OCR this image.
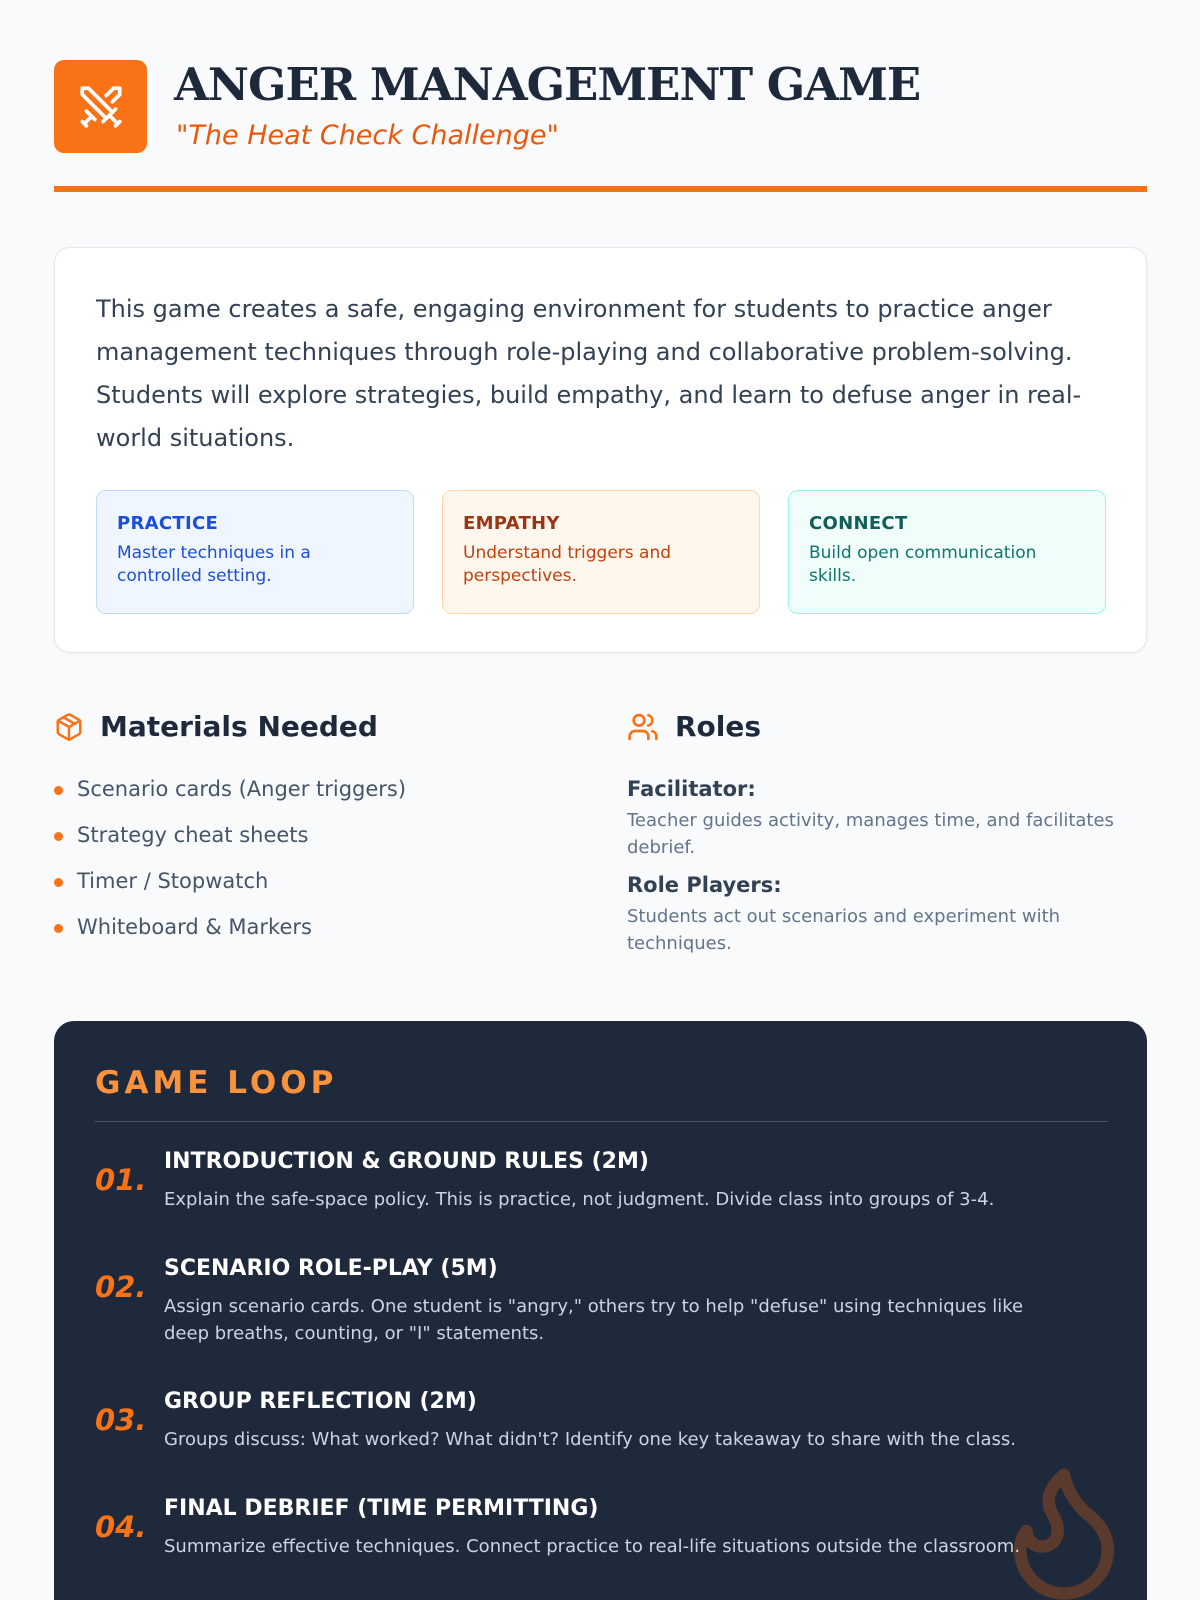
ANGER MANAGEMENT GAME
"The Heat Check Challenge"

This game creates a safe, engaging environment for students to practice anger management techniques through role-playing and collaborative problem-solving. Students will explore strategies, build empathy, and learn to defuse anger in real-world situations.

PRACTICE
Master techniques in a controlled setting.
EMPATHY
Understand triggers and perspectives.
CONNECT
Build open communication skills.
Materials Needed
Scenario cards (Anger triggers)
Strategy cheat sheets
Timer / Stopwatch
Whiteboard & Markers
Roles
Facilitator:
Teacher guides activity, manages time, and facilitates debrief.
Role Players:
Students act out scenarios and experiment with techniques.
GAME LOOP
01.
INTRODUCTION & GROUND RULES (2M)
Explain the safe-space policy. This is practice, not judgment. Divide class into groups of 3-4.
02.
SCENARIO ROLE-PLAY (5M)
Assign scenario cards. One student is "angry," others try to help "defuse" using techniques like deep breaths, counting, or "I" statements.
03.
GROUP REFLECTION (2M)
Groups discuss: What worked? What didn't? Identify one key takeaway to share with the class.
04.
FINAL DEBRIEF (TIME PERMITTING)
Summarize effective techniques. Connect practice to real-life situations outside the classroom.
